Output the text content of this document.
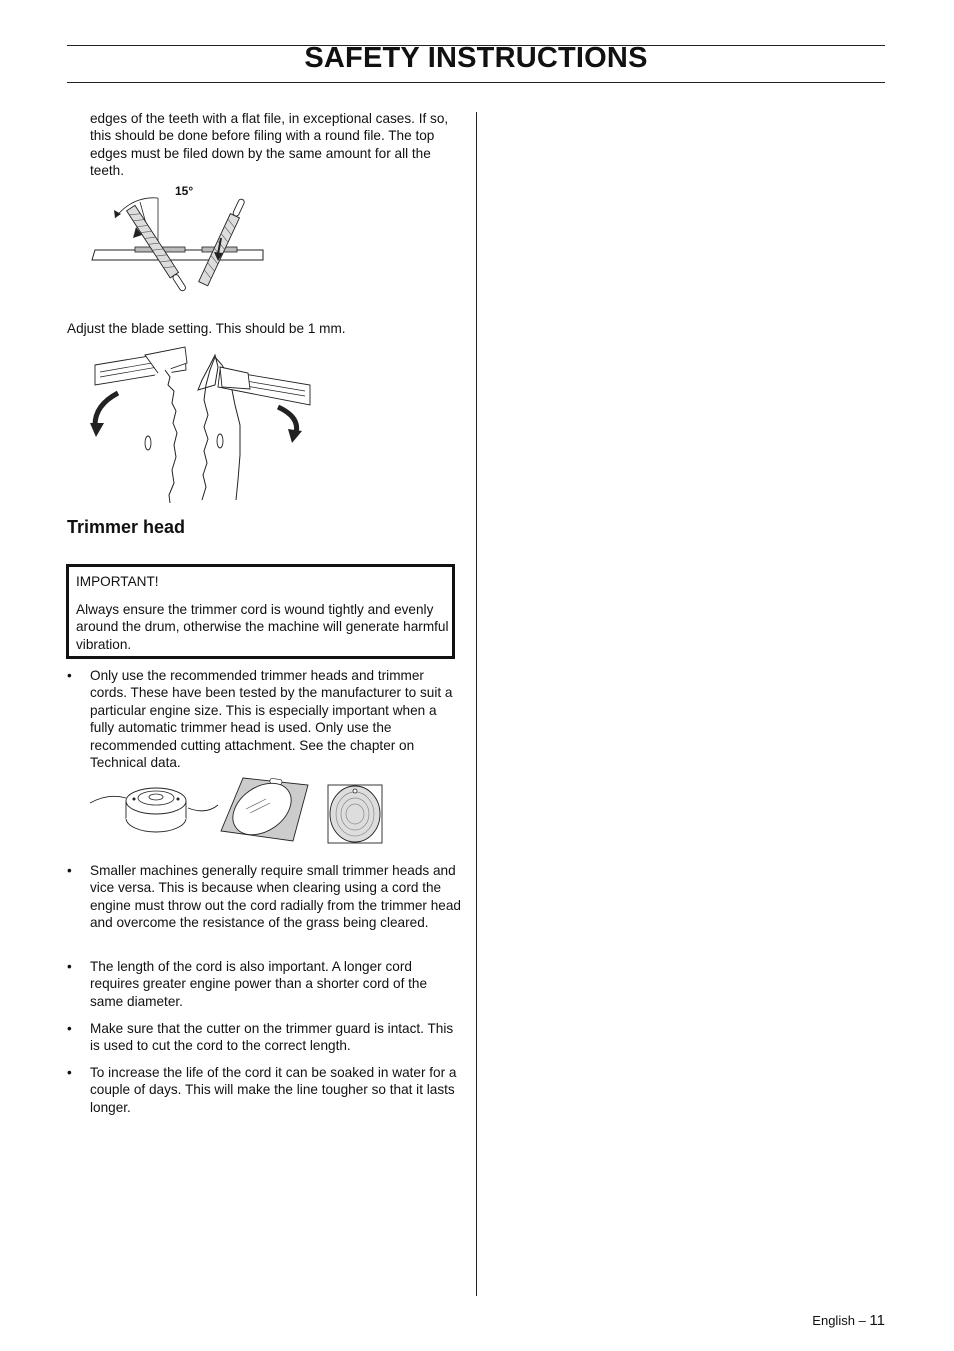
SAFETY INSTRUCTIONS
edges of the teeth with a flat file, in exceptional cases. If so, this should be done before filing with a round file. The top edges must be filed down by the same amount for all the teeth.
15°
Adjust the blade setting. This should be 1 mm.
Trimmer head
IMPORTANT!
Always ensure the trimmer cord is wound tightly and evenly around the drum, otherwise the machine will generate harmful vibration.
•	Only use the recommended trimmer heads and trimmer cords. These have been tested by the manufacturer to suit a particular engine size. This is especially important when a fully automatic trimmer head is used. Only use the recommended cutting attachment. See the chapter on Technical data.
•	Smaller machines generally require small trimmer heads and vice versa. This is because when clearing using a cord the engine must throw out the cord radially from the trimmer head and overcome the resistance of the grass being cleared.
•	The length of the cord is also important. A longer cord requires greater engine power than a shorter cord of the same diameter.
•	Make sure that the cutter on the trimmer guard is intact. This is used to cut the cord to the correct length.
•	To increase the life of the cord it can be soaked in water for a couple of days. This will make the line tougher so that it lasts longer.
English – 11
